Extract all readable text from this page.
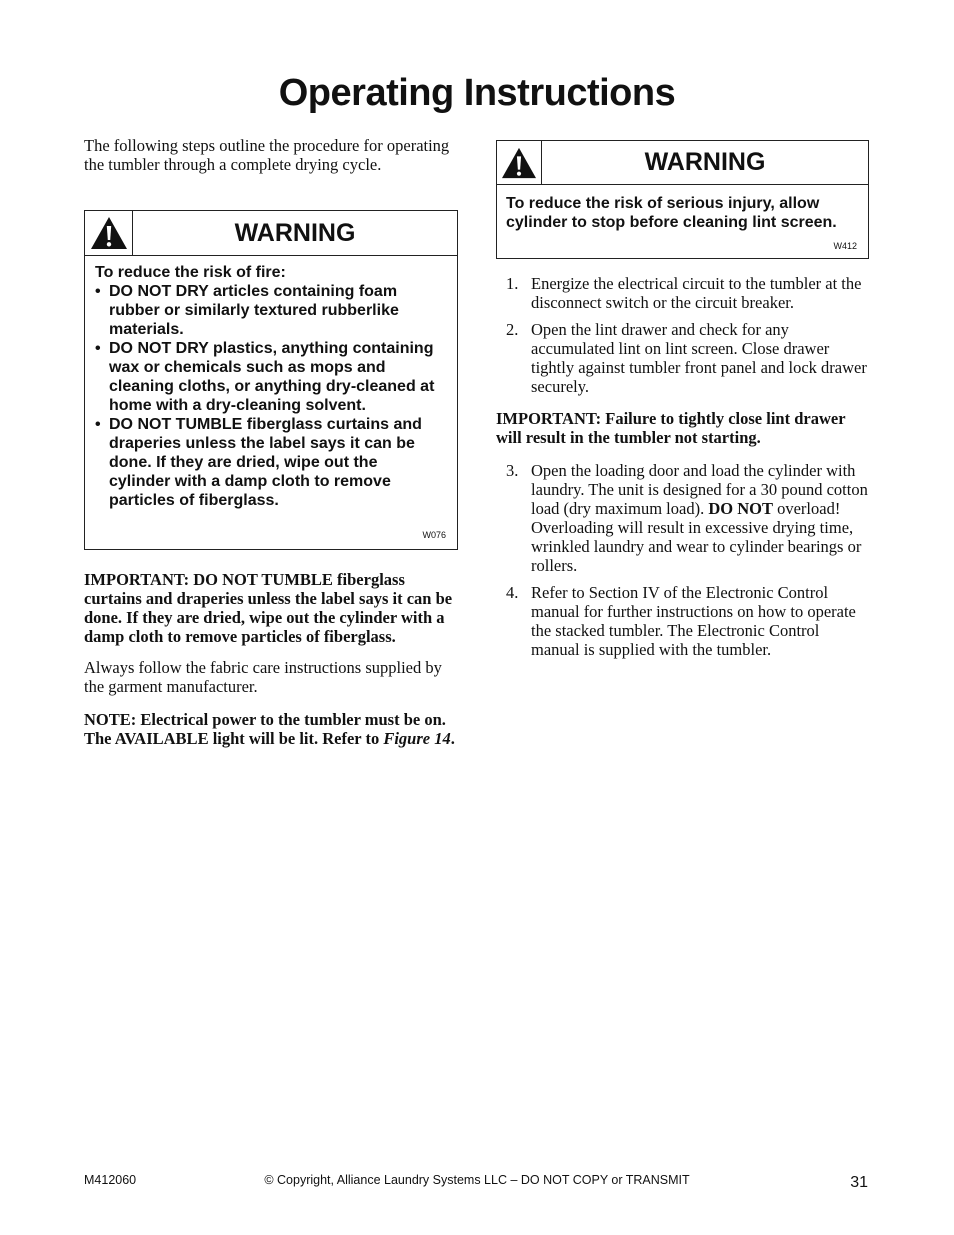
Operating Instructions

The following steps outline the procedure for operating the tumbler through a complete drying cycle.

WARNING
To reduce the risk of fire:
• DO NOT DRY articles containing foam rubber or similarly textured rubberlike materials.
• DO NOT DRY plastics, anything containing wax or chemicals such as mops and cleaning cloths, or anything dry-cleaned at home with a dry-cleaning solvent.
• DO NOT TUMBLE fiberglass curtains and draperies unless the label says it can be done. If they are dried, wipe out the cylinder with a damp cloth to remove particles of fiberglass.
W076

IMPORTANT: DO NOT TUMBLE fiberglass curtains and draperies unless the label says it can be done. If they are dried, wipe out the cylinder with a damp cloth to remove particles of fiberglass.

Always follow the fabric care instructions supplied by the garment manufacturer.

NOTE: Electrical power to the tumbler must be on. The AVAILABLE light will be lit. Refer to Figure 14.

WARNING
To reduce the risk of serious injury, allow cylinder to stop before cleaning lint screen.
W412
1. Energize the electrical circuit to the tumbler at the disconnect switch or the circuit breaker.
2. Open the lint drawer and check for any accumulated lint on lint screen. Close drawer tightly against tumbler front panel and lock drawer securely.

IMPORTANT: Failure to tightly close lint drawer will result in the tumbler not starting.

3. Open the loading door and load the cylinder with laundry. The unit is designed for a 30 pound cotton load (dry maximum load). DO NOT overload! Overloading will result in excessive drying time, wrinkled laundry and wear to cylinder bearings or rollers.
4. Refer to Section IV of the Electronic Control manual for further instructions on how to operate the stacked tumbler. The Electronic Control manual is supplied with the tumbler.
M412060	© Copyright, Alliance Laundry Systems LLC – DO NOT COPY or TRANSMIT	31
